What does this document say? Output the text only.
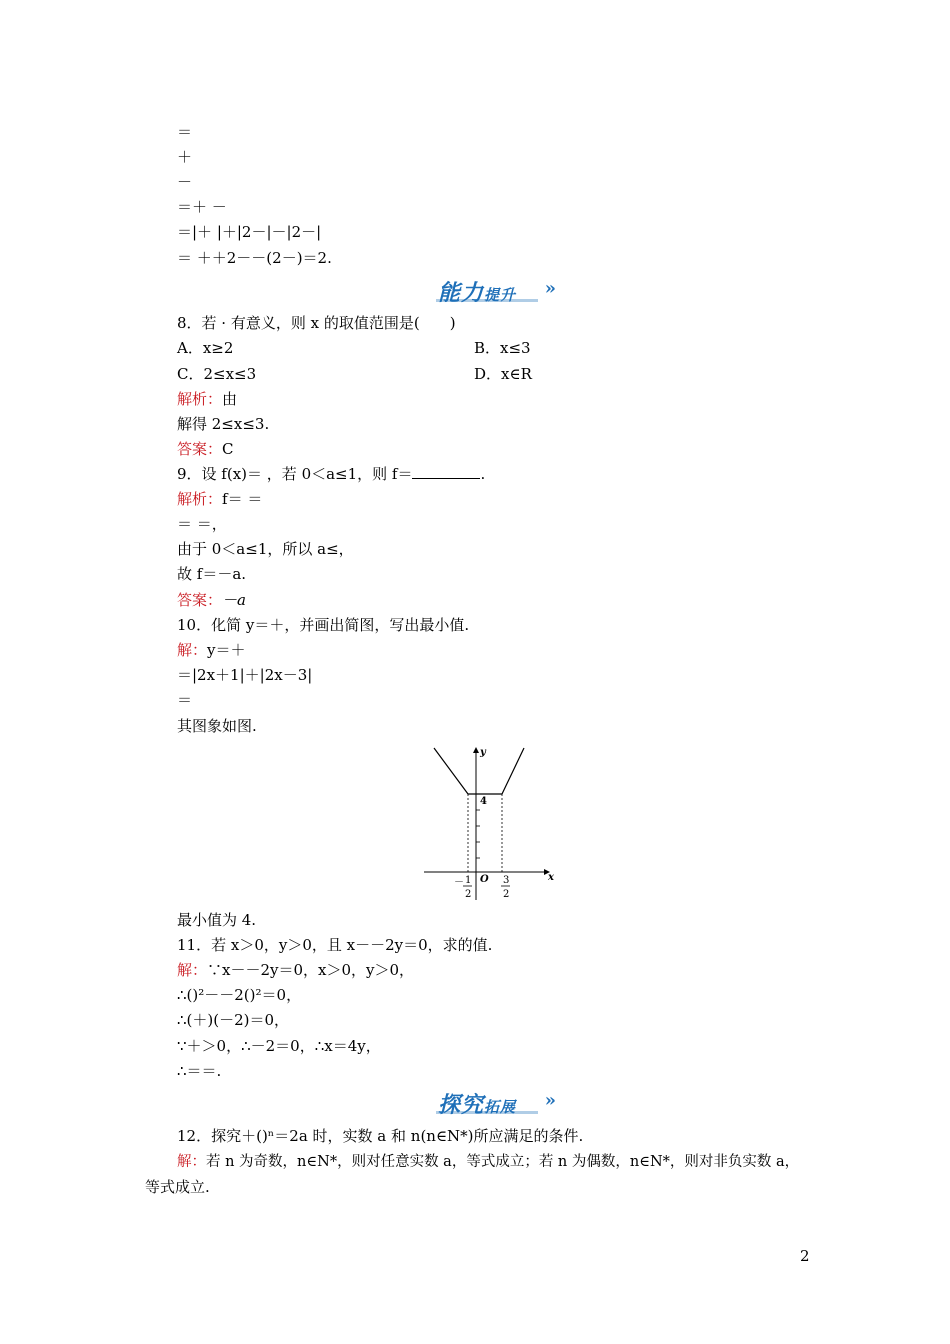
＝
＋
－
＝＋ －
＝|＋ |＋|2－|－|2－|
＝ ＋＋2－－(2－)＝2.
能力提升 »
8．若 · 有意义，则 x 的取值范围是(　　)
A．x≥2	B．x≤3
C．2≤x≤3	D．x∈R
解析：由
解得 2≤x≤3.
答案：C
9．设 f(x)＝ ，若 0＜a≤1，则 f＝	.
解析：f＝ ＝
＝ ＝，
由于 0＜a≤1，所以 a≤，
故 f＝－a.
答案：－a
10．化简 y＝＋，并画出简图，写出最小值.
解：y＝＋
＝|2x＋1|＋|2x－3|
＝
其图象如图.
y
x
4
O
－ 1
2
3
2
最小值为 4.
11．若 x＞0，y＞0，且 x－－2y＝0，求的值.
解：∵x－－2y＝0，x＞0，y＞0，
∴()²－－2()²＝0，
∴(＋)(－2)＝0，
∵＋＞0，∴－2＝0，∴x＝4y，
∴＝＝.
探究拓展 »
12．探究＋()ⁿ＝2a 时，实数 a 和 n(n∈N*)所应满足的条件.
解：若 n 为奇数，n∈N*，则对任意实数 a，等式成立；若 n 为偶数，n∈N*，则对非负实数 a，
等式成立.
2
